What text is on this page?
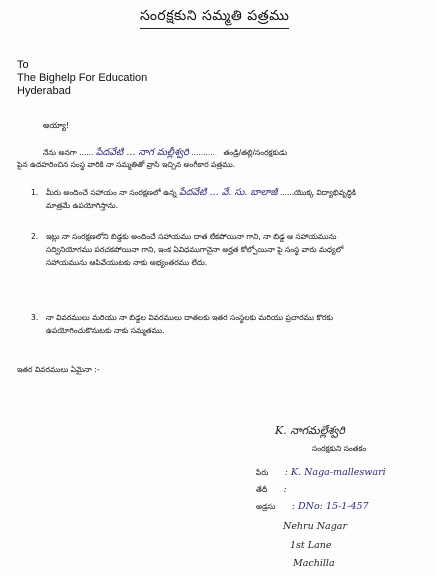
సంరక్షకుని సమ్మతి పత్రము
To
The Bighelp For Education
Hyderabad
అయ్యా!
నేను అనగా ...... పేదవేటి ... నాగ మల్లీశ్వరి .......... తండ్రి/తల్లి/సంరక్షకుడు
పైన ఉదహరించిన సంస్థ వారికి నా సమ్మతితో వ్రాసి ఇచ్చిన అంగీకార పత్రము.
1. మీరు అందించే సహాయం నా సంరక్షణలో ఉన్న పేదవేటి ... వే. సు. బాలాజీ ......యొక్క విద్యాభివృద్ధికి
మాత్రమే ఉపయోగిస్తాను.
2. ఇట్లు నా సంరక్షణలోని బిడ్డకు అందించే సహాయము దాత లేకపోయినా గాని, నా బిడ్డ ఆ సహాయమును
సద్వినియోగము పరచకపోయినా గాని, ఇంక ఏవిధముగానైనా అర్హత కోల్పోయినా పై సంస్థ వారు మధ్యలో
సహాయమును ఆపివేయుటకు నాకు అభ్యంతరము లేదు.
3. నా వివరములు మరియు నా బిడ్డల వివరములు దాతలకు ఇతర సంస్థలకు మరియు ప్రచారము కొరకు
ఉపయోగించుకొనుటకు నాకు సమ్మతము.
ఇతర వివరములు ఏమైనా :-
K. నాగమల్లేశ్వరి
సంరక్షకుని సంతకం
పేరు : K. Naga-malleswari
తేదీ :
అడ్రసు : DNo: 15-1-457
Nehru Nagar
1st Lane
Machilla
